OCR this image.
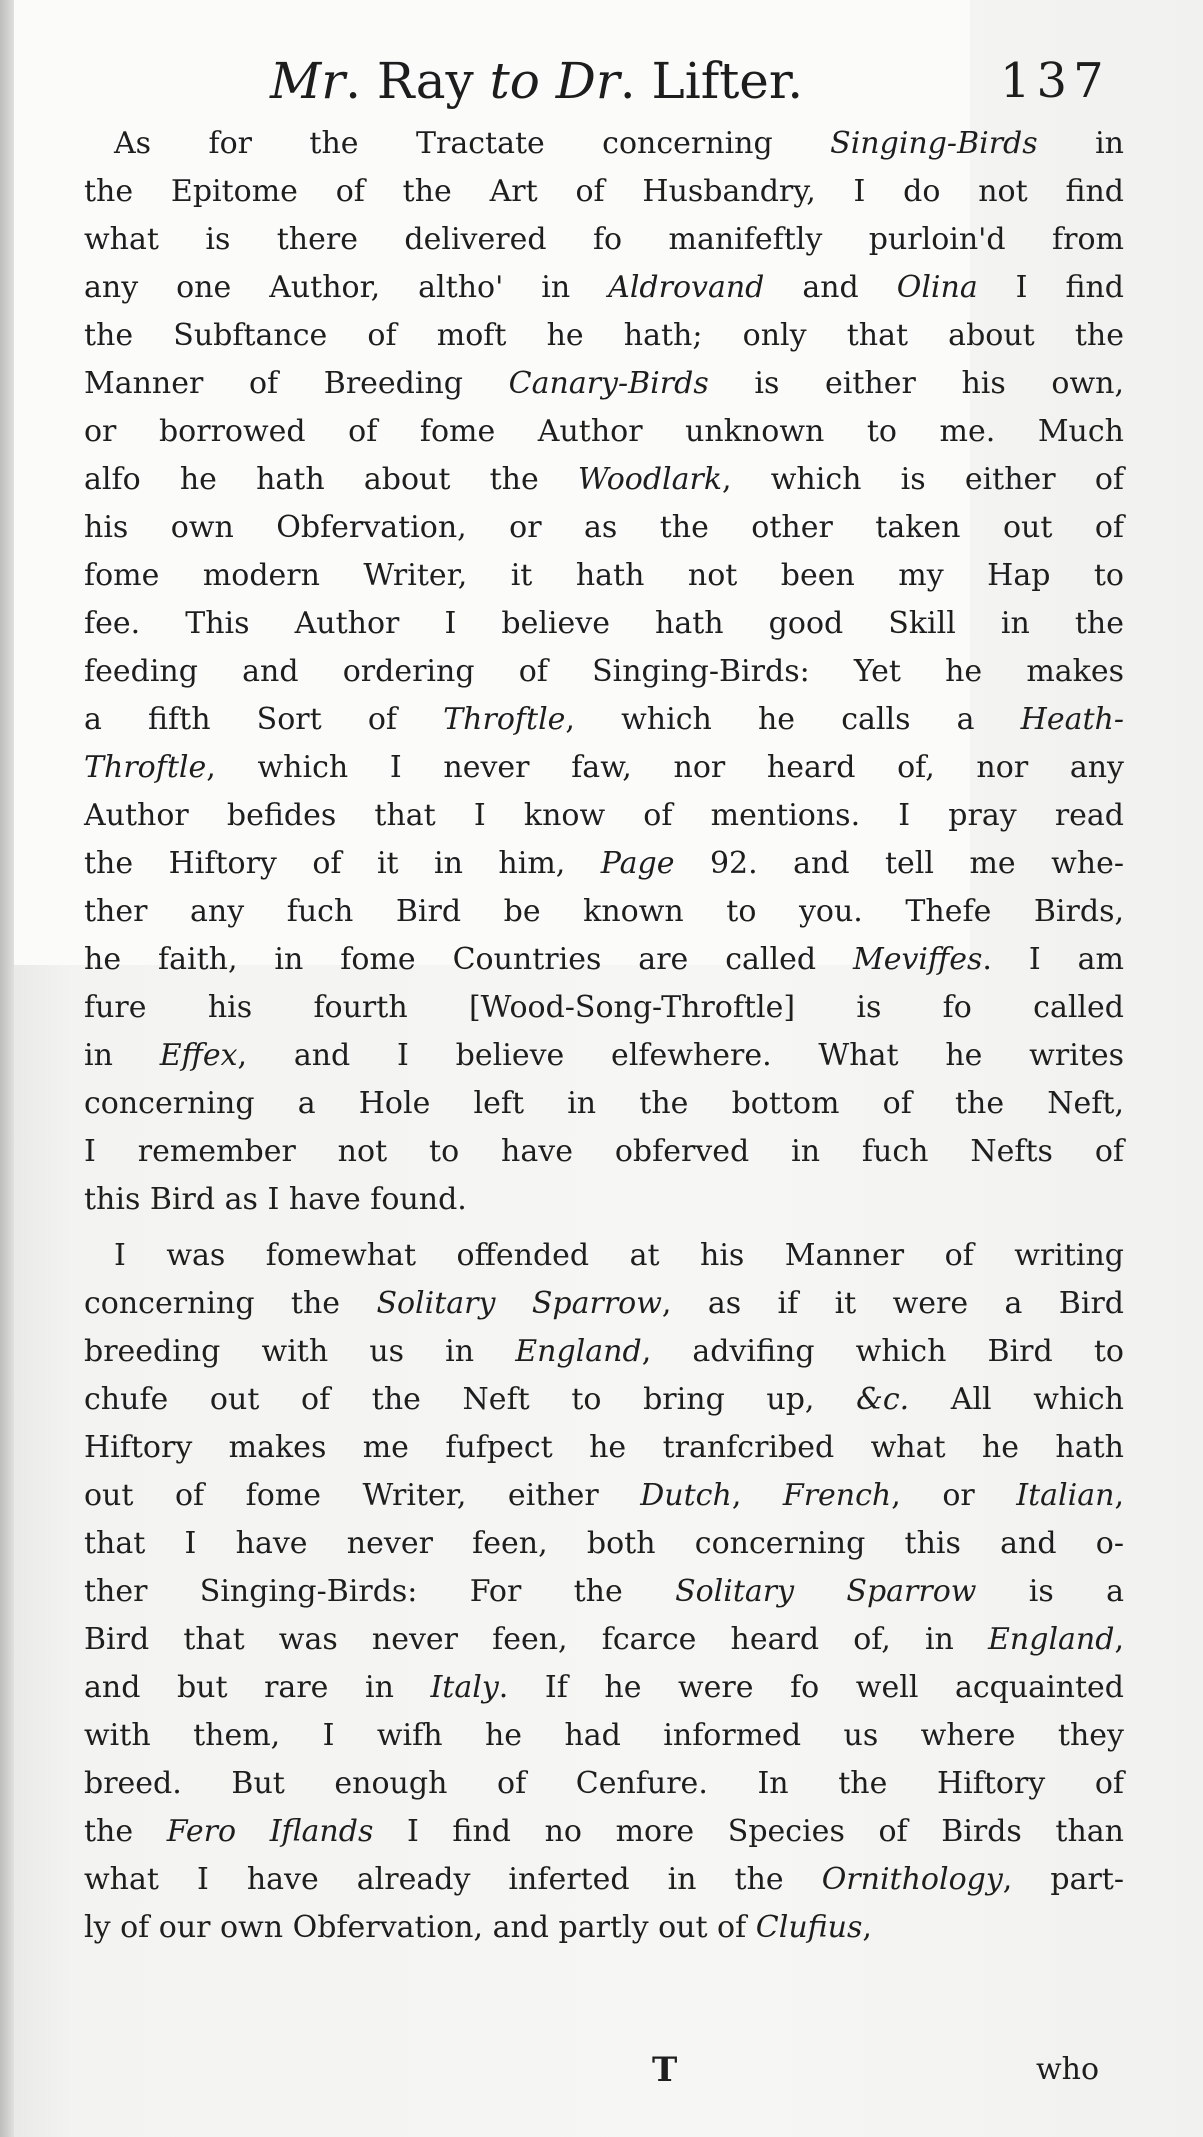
Mr. Ray to Dr. Lifter.	137
As for the Tractate concerning Singing-Birds in
the Epitome of the Art of Husbandry, I do not find
what is there delivered fo manifeftly purloin'd from
any one Author, altho' in Aldrovand and Olina I find
the Subftance of moft he hath; only that about the
Manner of Breeding Canary-Birds is either his own,
or borrowed of fome Author unknown to me. Much
alfo he hath about the Woodlark, which is either of
his own Obfervation, or as the other taken out of
fome modern Writer, it hath not been my Hap to
fee. This Author I believe hath good Skill in the
feeding and ordering of Singing-Birds: Yet he makes
a fifth Sort of Throftle, which he calls a Heath-
Throftle, which I never faw, nor heard of, nor any
Author befides that I know of mentions. I pray read
the Hiftory of it in him, Page 92. and tell me whe-
ther any fuch Bird be known to you. Thefe Birds,
he faith, in fome Countries are called Meviffes. I am
fure his fourth [Wood-Song-Throftle] is fo called
in Effex, and I believe elfewhere. What he writes
concerning a Hole left in the bottom of the Neft,
I remember not to have obferved in fuch Nefts of
this Bird as I have found.
I was fomewhat offended at his Manner of writing
concerning the Solitary Sparrow, as if it were a Bird
breeding with us in England, advifing which Bird to
chufe out of the Neft to bring up, &c. All which
Hiftory makes me fufpect he tranfcribed what he hath
out of fome Writer, either Dutch, French, or Italian,
that I have never feen, both concerning this and o-
ther Singing-Birds: For the Solitary Sparrow is a
Bird that was never feen, fcarce heard of, in England,
and but rare in Italy. If he were fo well acquainted
with them, I wifh he had informed us where they
breed. But enough of Cenfure. In the Hiftory of
the Fero Iflands I find no more Species of Birds than
what I have already inferted in the Ornithology, part-
ly of our own Obfervation, and partly out of Clufius,
T	who
